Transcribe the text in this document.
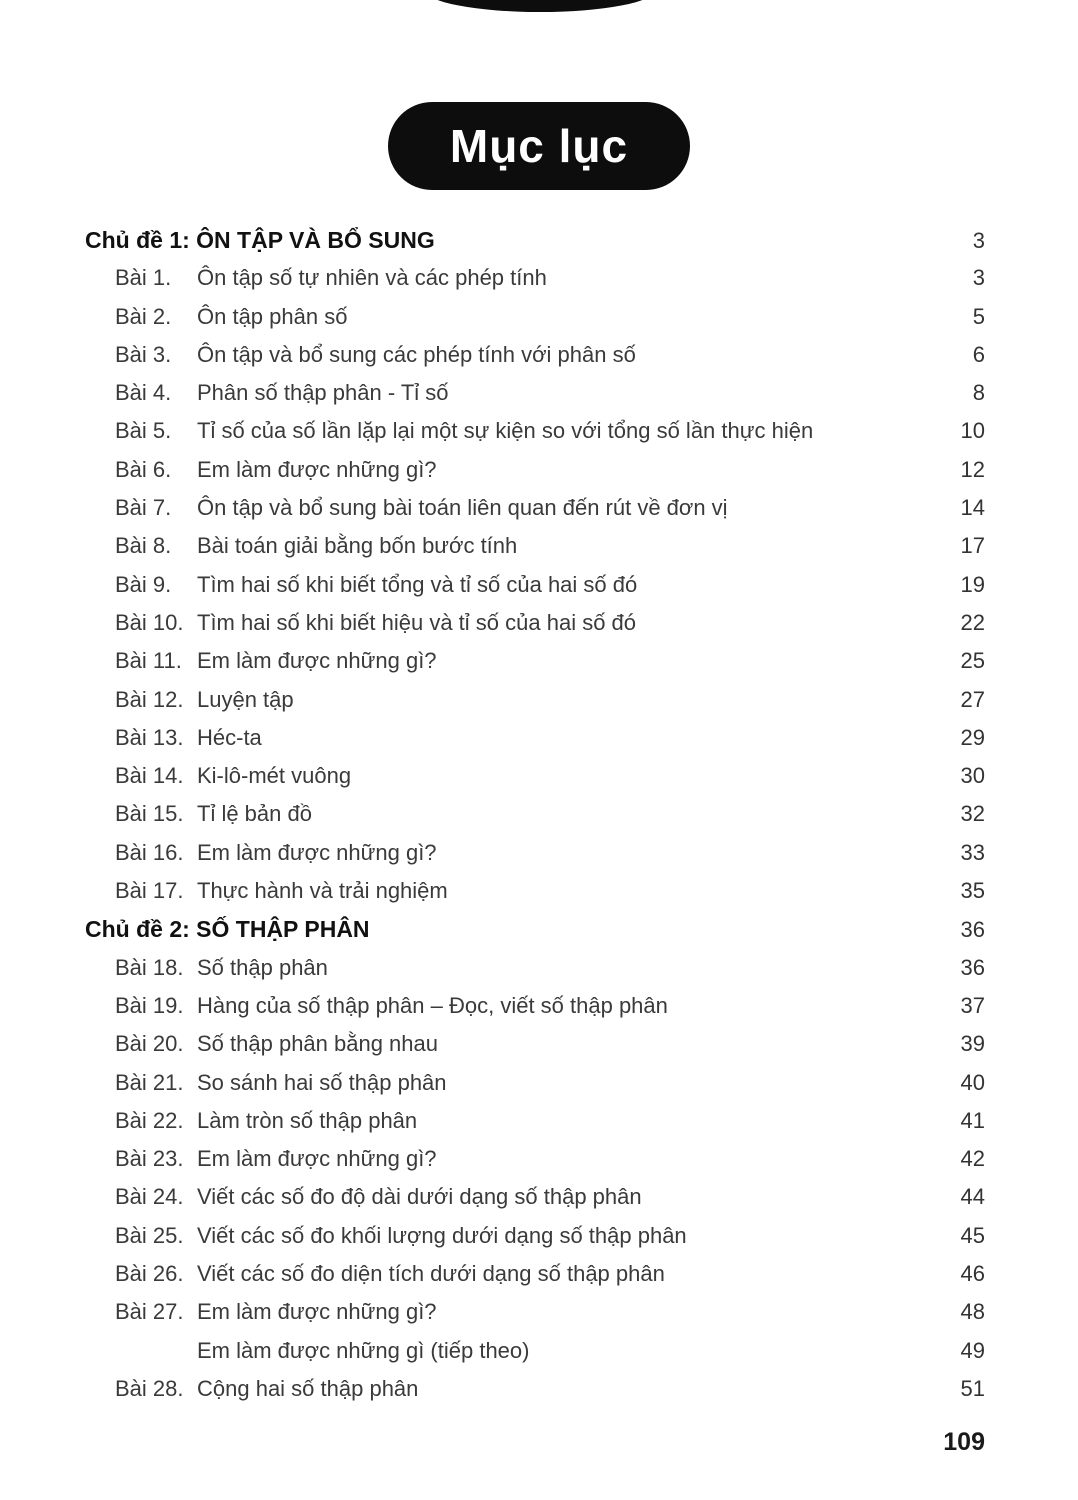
Mục lục
Chủ đề 1: ÔN TẬP VÀ BỔ SUNG	3
Bài 1. Ôn tập số tự nhiên và các phép tính	3
Bài 2. Ôn tập phân số	5
Bài 3. Ôn tập và bổ sung các phép tính với phân số	6
Bài 4. Phân số thập phân - Tỉ số	8
Bài 5. Tỉ số của số lần lặp lại một sự kiện so với tổng số lần thực hiện	10
Bài 6. Em làm được những gì?	12
Bài 7. Ôn tập và bổ sung bài toán liên quan đến rút về đơn vị	14
Bài 8. Bài toán giải bằng bốn bước tính	17
Bài 9. Tìm hai số khi biết tổng và tỉ số của hai số đó	19
Bài 10. Tìm hai số khi biết hiệu và tỉ số của hai số đó	22
Bài 11. Em làm được những gì?	25
Bài 12. Luyện tập	27
Bài 13. Héc-ta	29
Bài 14. Ki-lô-mét vuông	30
Bài 15. Tỉ lệ bản đồ	32
Bài 16. Em làm được những gì?	33
Bài 17. Thực hành và trải nghiệm	35
Chủ đề 2: SỐ THẬP PHÂN	36
Bài 18. Số thập phân	36
Bài 19. Hàng của số thập phân – Đọc, viết số thập phân	37
Bài 20. Số thập phân bằng nhau	39
Bài 21. So sánh hai số thập phân	40
Bài 22. Làm tròn số thập phân	41
Bài 23. Em làm được những gì?	42
Bài 24. Viết các số đo độ dài dưới dạng số thập phân	44
Bài 25. Viết các số đo khối lượng dưới dạng số thập phân	45
Bài 26. Viết các số đo diện tích dưới dạng số thập phân	46
Bài 27. Em làm được những gì?	48
Em làm được những gì (tiếp theo)	49
Bài 28. Cộng hai số thập phân	51
109
